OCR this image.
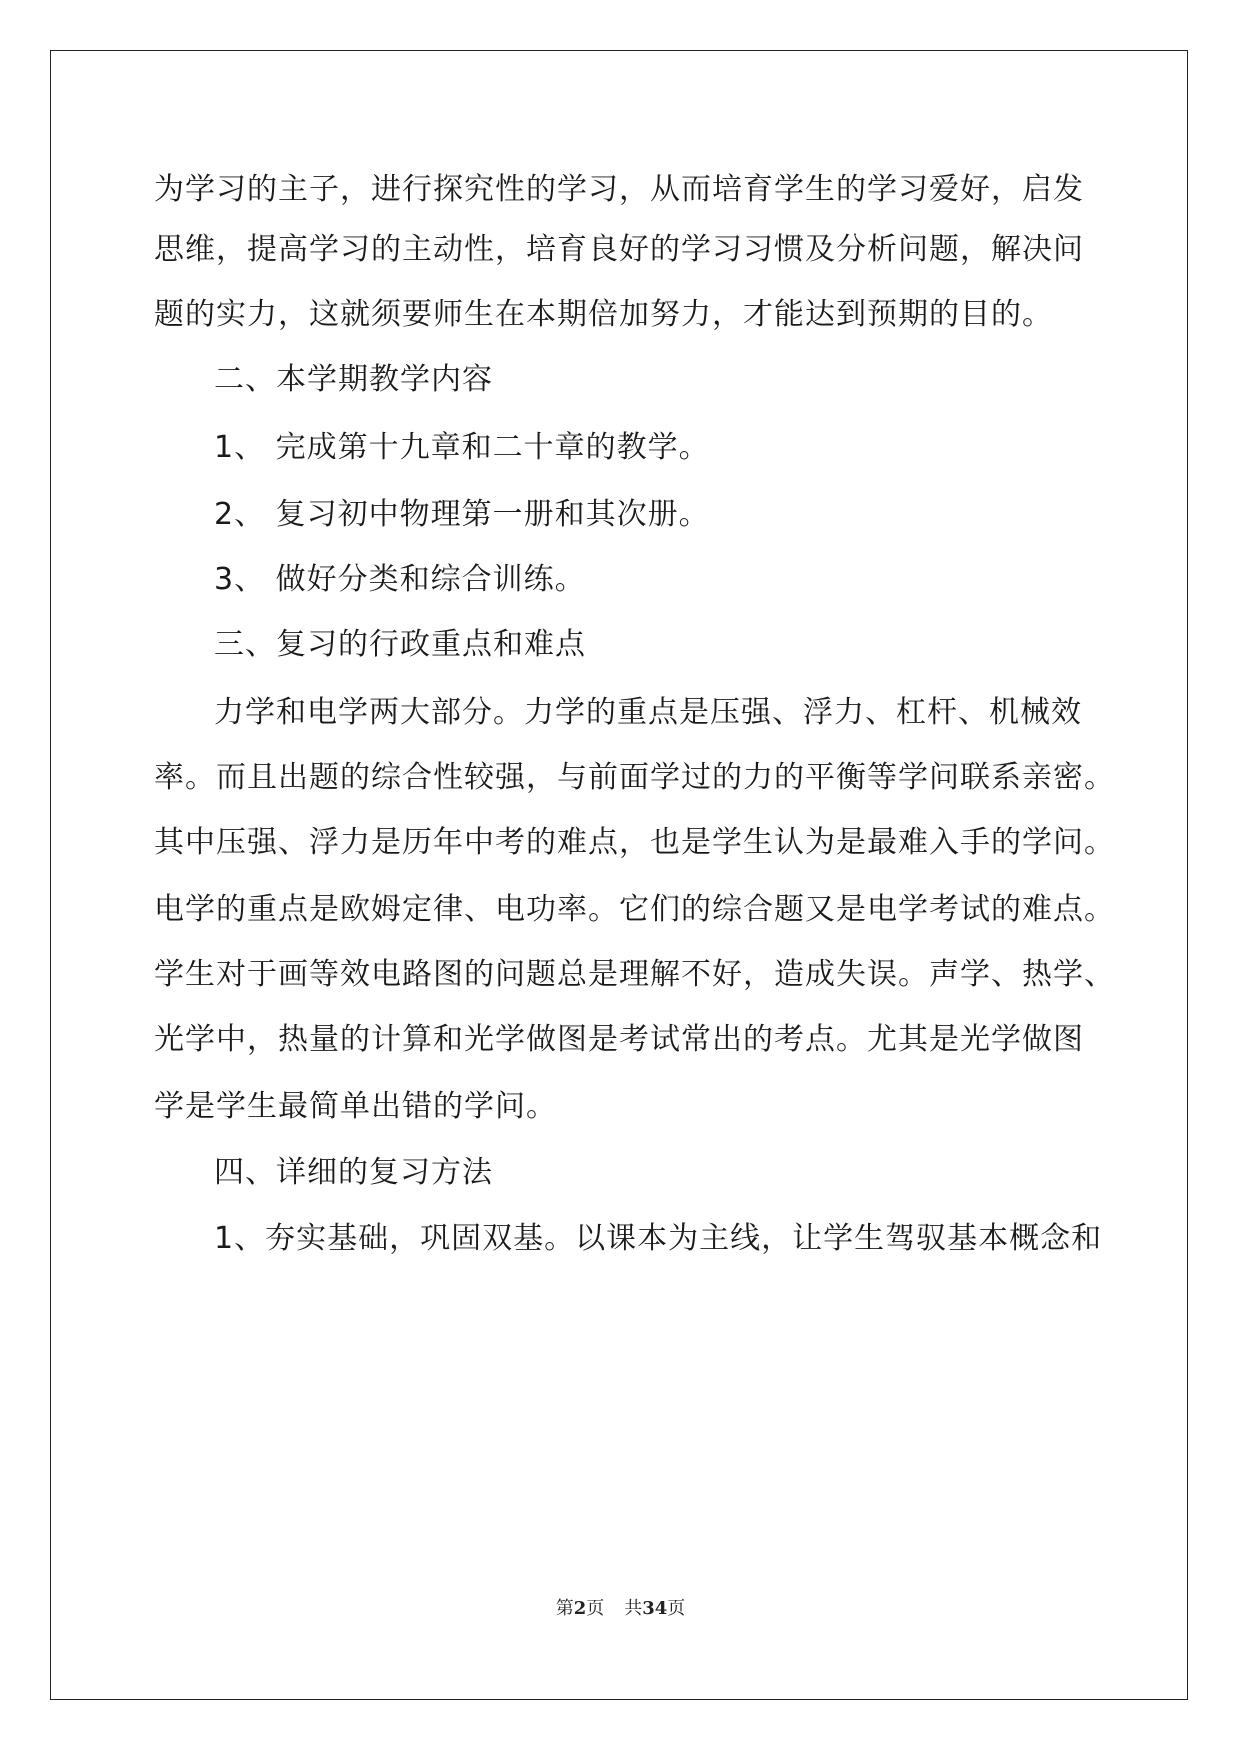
为学习的主子，进行探究性的学习，从而培育学生的学习爱好，启发
思维，提高学习的主动性，培育良好的学习习惯及分析问题，解决问
题的实力，这就须要师生在本期倍加努力，才能达到预期的目的。
二、本学期教学内容
1、 完成第十九章和二十章的教学。
2、 复习初中物理第一册和其次册。
3、 做好分类和综合训练。
三、复习的行政重点和难点
力学和电学两大部分。力学的重点是压强、浮力、杠杆、机械效
率。而且出题的综合性较强，与前面学过的力的平衡等学问联系亲密。
其中压强、浮力是历年中考的难点，也是学生认为是最难入手的学问。
电学的重点是欧姆定律、电功率。它们的综合题又是电学考试的难点。
学生对于画等效电路图的问题总是理解不好，造成失误。声学、热学、
光学中，热量的计算和光学做图是考试常出的考点。尤其是光学做图
学是学生最简单出错的学问。
四、详细的复习方法
1、夯实基础，巩固双基。以课本为主线，让学生驾驭基本概念和
第2页 共34页
